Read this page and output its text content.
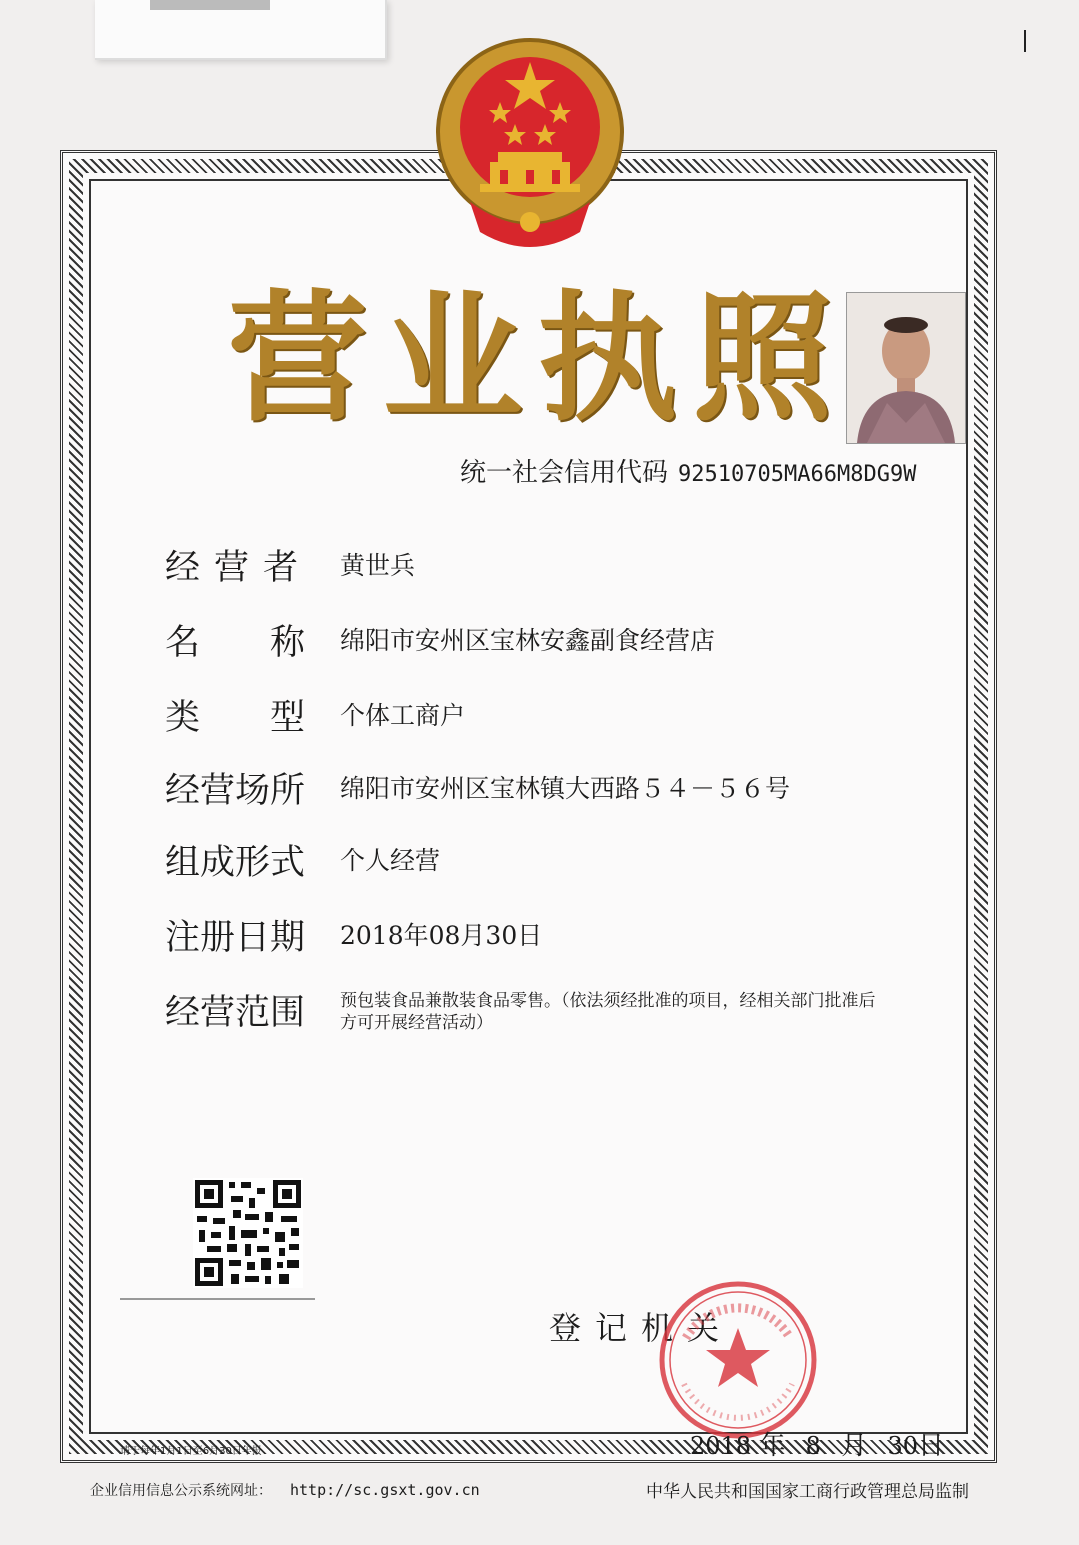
营 业 执 照
统一社会信用代码 92510705MA66M8DG9W
经营者 黄世兵
名称
绵阳市安州区宝林安鑫副食经营店
类型
个体工商户
经营场所 绵阳市安州区宝林镇大西路５４－５６号
组成形式 个人经营
注册日期 2018年08月30日
经营范围	预包装食品兼散装食品零售。（依法须经批准的项目，经相关部门批准后方可开展经营活动）
登记机关
2018 年 8 月 30日
请于每年1月1日至6月30日年报
企业信用信息公示系统网址： http://sc.gsxt.gov.cn	中华人民共和国国家工商行政管理总局监制
